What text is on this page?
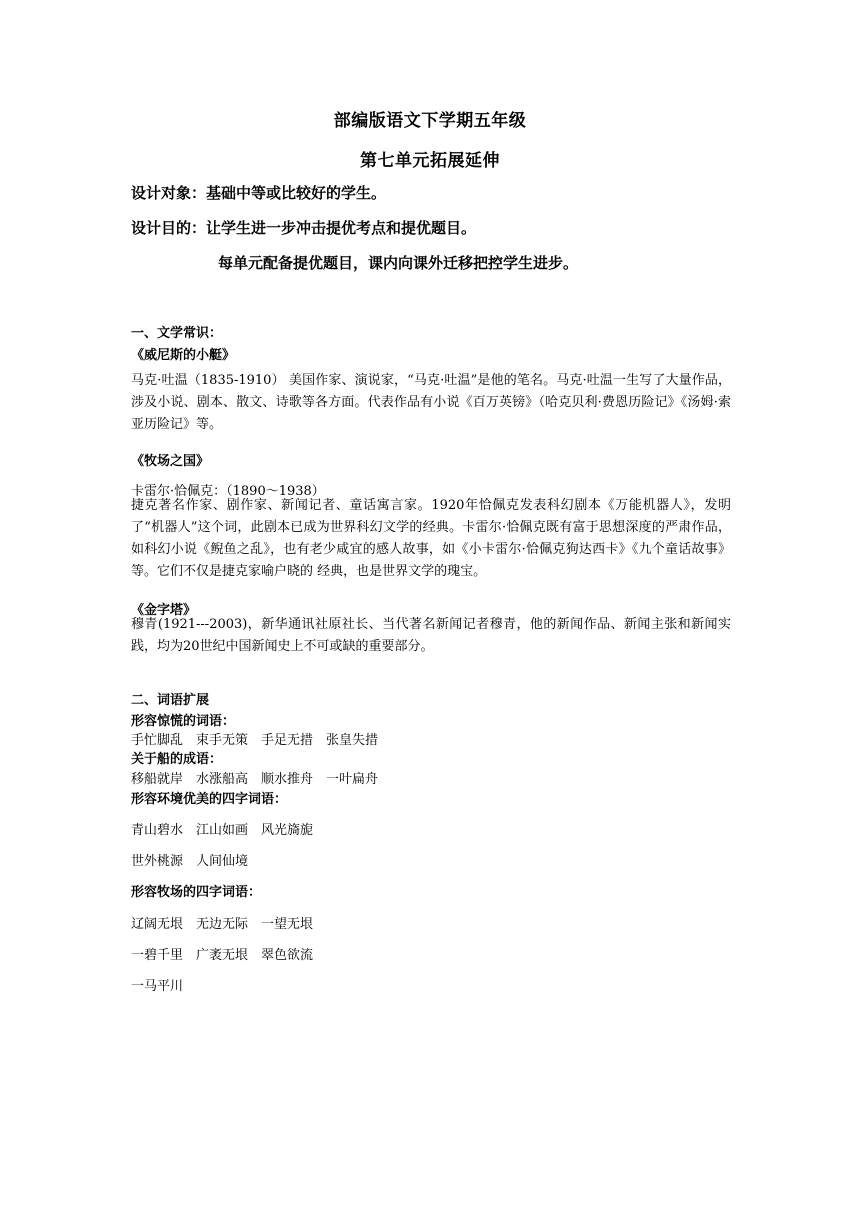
部编版语文下学期五年级
第七单元拓展延伸
设计对象：基础中等或比较好的学生。
设计目的：让学生进一步冲击提优考点和提优题目。
每单元配备提优题目，课内向课外迁移把控学生进步。
一、文学常识：
《威尼斯的小艇》
马克·吐温（1835-1910） 美国作家、演说家，“马克·吐温”是他的笔名。马克·吐温一生写了大量作品，涉及小说、剧本、散文、诗歌等各方面。代表作品有小说《百万英镑》（哈克贝利·费恩历险记》《汤姆·索亚历险记》等。
《牧场之国》
卡雷尔·恰佩克：（1890～1938）
捷克著名作家、剧作家、新闻记者、童话寓言家。1920年恰佩克发表科幻剧本《万能机器人》，发明了“机器人”这个词，此剧本已成为世界科幻文学的经典。卡雷尔·恰佩克既有富于思想深度的严肃作品，如科幻小说《鲵鱼之乱》，也有老少咸宜的感人故事，如《小卡雷尔·恰佩克狗达西卡》《九个童话故事》等。它们不仅是捷克家喻户晓的 经典，也是世界文学的瑰宝。
《金字塔》
穆青(1921---2003)，新华通讯社原社长、当代著名新闻记者穆青，他的新闻作品、新闻主张和新闻实践，均为20世纪中国新闻史上不可或缺的重要部分。
二、词语扩展
形容惊慌的词语：
手忙脚乱　束手无策　手足无措　张皇失措
关于船的成语：
移船就岸　水涨船高　顺水推舟　一叶扁舟
形容环境优美的四字词语：
青山碧水　江山如画　风光旖旎
世外桃源　人间仙境
形容牧场的四字词语：
辽阔无垠　无边无际　一望无垠
一碧千里　广袤无垠　翠色欲流
一马平川
